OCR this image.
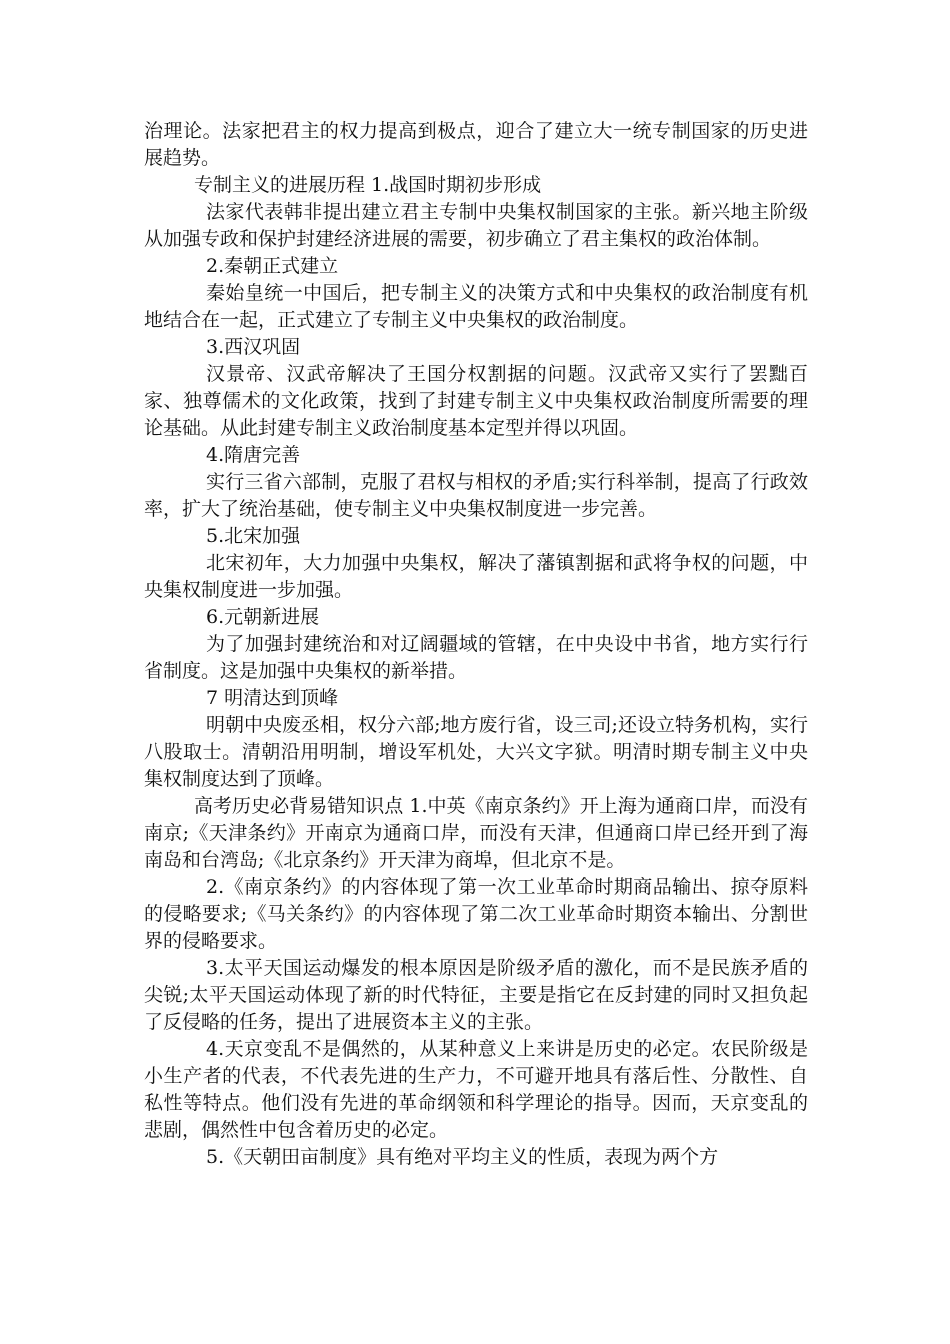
治理论。法家把君主的权力提高到极点，迎合了建立大一统专制国家的历史进展趋势。

专制主义的进展历程 1.战国时期初步形成

法家代表韩非提出建立君主专制中央集权制国家的主张。新兴地主阶级从加强专政和保护封建经济进展的需要，初步确立了君主集权的政治体制。

2.秦朝正式建立

秦始皇统一中国后，把专制主义的决策方式和中央集权的政治制度有机地结合在一起，正式建立了专制主义中央集权的政治制度。

3.西汉巩固

汉景帝、汉武帝解决了王国分权割据的问题。汉武帝又实行了罢黜百家、独尊儒术的文化政策，找到了封建专制主义中央集权政治制度所需要的理论基础。从此封建专制主义政治制度基本定型并得以巩固。

4.隋唐完善

实行三省六部制，克服了君权与相权的矛盾;实行科举制，提高了行政效率，扩大了统治基础，使专制主义中央集权制度进一步完善。

5.北宋加强

北宋初年，大力加强中央集权，解决了藩镇割据和武将争权的问题，中央集权制度进一步加强。

6.元朝新进展

为了加强封建统治和对辽阔疆域的管辖，在中央设中书省，地方实行行省制度。这是加强中央集权的新举措。

7 明清达到顶峰

明朝中央废丞相，权分六部;地方废行省，设三司;还设立特务机构，实行八股取士。清朝沿用明制，增设军机处，大兴文字狱。明清时期专制主义中央集权制度达到了顶峰。

高考历史必背易错知识点 1.中英《南京条约》开上海为通商口岸，而没有南京;《天津条约》开南京为通商口岸，而没有天津，但通商口岸已经开到了海南岛和台湾岛;《北京条约》开天津为商埠，但北京不是。

2.《南京条约》的内容体现了第一次工业革命时期商品输出、掠夺原料的侵略要求;《马关条约》的内容体现了第二次工业革命时期资本输出、分割世界的侵略要求。

3.太平天国运动爆发的根本原因是阶级矛盾的激化，而不是民族矛盾的尖锐;太平天国运动体现了新的时代特征，主要是指它在反封建的同时又担负起了反侵略的任务，提出了进展资本主义的主张。

4.天京变乱不是偶然的，从某种意义上来讲是历史的必定。农民阶级是小生产者的代表，不代表先进的生产力，不可避开地具有落后性、分散性、自私性等特点。他们没有先进的革命纲领和科学理论的指导。因而，天京变乱的悲剧，偶然性中包含着历史的必定。

5.《天朝田亩制度》具有绝对平均主义的性质，表现为两个方
